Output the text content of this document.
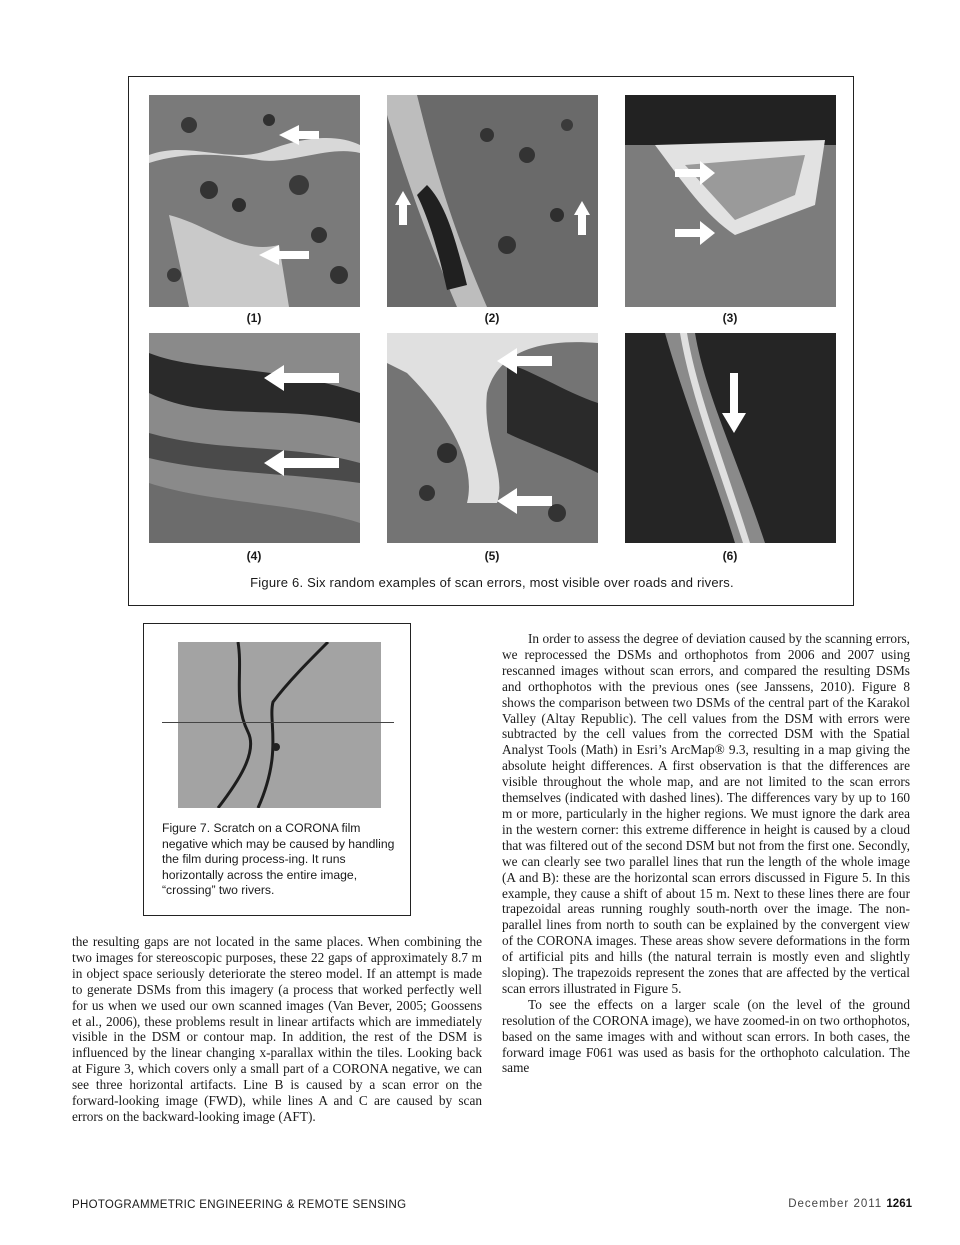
(1)	(2)	(3)
(4)	(5)	(6)
Figure 6. Six random examples of scan errors, most visible over roads and rivers.
Figure 7. Scratch on a CORONA film negative which may be caused by handling the film during process-ing. It runs horizontally across the entire image, “crossing” two rivers.
the resulting gaps are not located in the same places. When combining the two images for stereoscopic purposes, these 22 gaps of approximately 8.7 m in object space seriously deteriorate the stereo model. If an attempt is made to generate DSMs from this imagery (a process that worked perfectly well for us when we used our own scanned images (Van Bever, 2005; Goossens et al., 2006), these problems result in linear artifacts which are immediately visible in the DSM or contour map. In addition, the rest of the DSM is influenced by the linear changing x-parallax within the tiles. Looking back at Figure 3, which covers only a small part of a CORONA negative, we can see three horizontal artifacts. Line B is caused by a scan error on the forward-looking image (FWD), while lines A and C are caused by scan errors on the backward-looking image (AFT).

In order to assess the degree of deviation caused by the scanning errors, we reprocessed the DSMs and orthophotos from 2006 and 2007 using rescanned images without scan errors, and compared the resulting DSMs and orthophotos with the previous ones (see Janssens, 2010). Figure 8 shows the comparison between two DSMs of the central part of the Karakol Valley (Altay Republic). The cell values from the DSM with errors were subtracted by the cell values from the corrected DSM with the Spatial Analyst Tools (Math) in Esri’s ArcMap® 9.3, resulting in a map giving the absolute height differences. A first observation is that the differences are visible throughout the whole map, and are not limited to the scan errors themselves (indicated with dashed lines). The differences vary by up to 160 m or more, particularly in the higher regions. We must ignore the dark area in the western corner: this extreme difference in height is caused by a cloud that was filtered out of the second DSM but not from the first one. Secondly, we can clearly see two parallel lines that run the length of the whole image (A and B): these are the horizontal scan errors discussed in Figure 5. In this example, they cause a shift of about 15 m. Next to these lines there are four trapezoidal areas running roughly south-north over the image. The non- parallel lines from north to south can be explained by the convergent view of the CORONA images. These areas show severe deformations in the form of artificial pits and hills (the natural terrain is mostly even and slightly sloping). The trapezoids represent the zones that are affected by the vertical scan errors illustrated in Figure 5.

To see the effects on a larger scale (on the level of the ground resolution of the CORONA image), we have zoomed-in on two orthophotos, based on the same images with and without scan errors. In both cases, the forward image F061 was used as basis for the orthophoto calculation. The same

PHOTOGRAMMETRIC ENGINEERING & REMOTE SENSING	December 2011 1261
